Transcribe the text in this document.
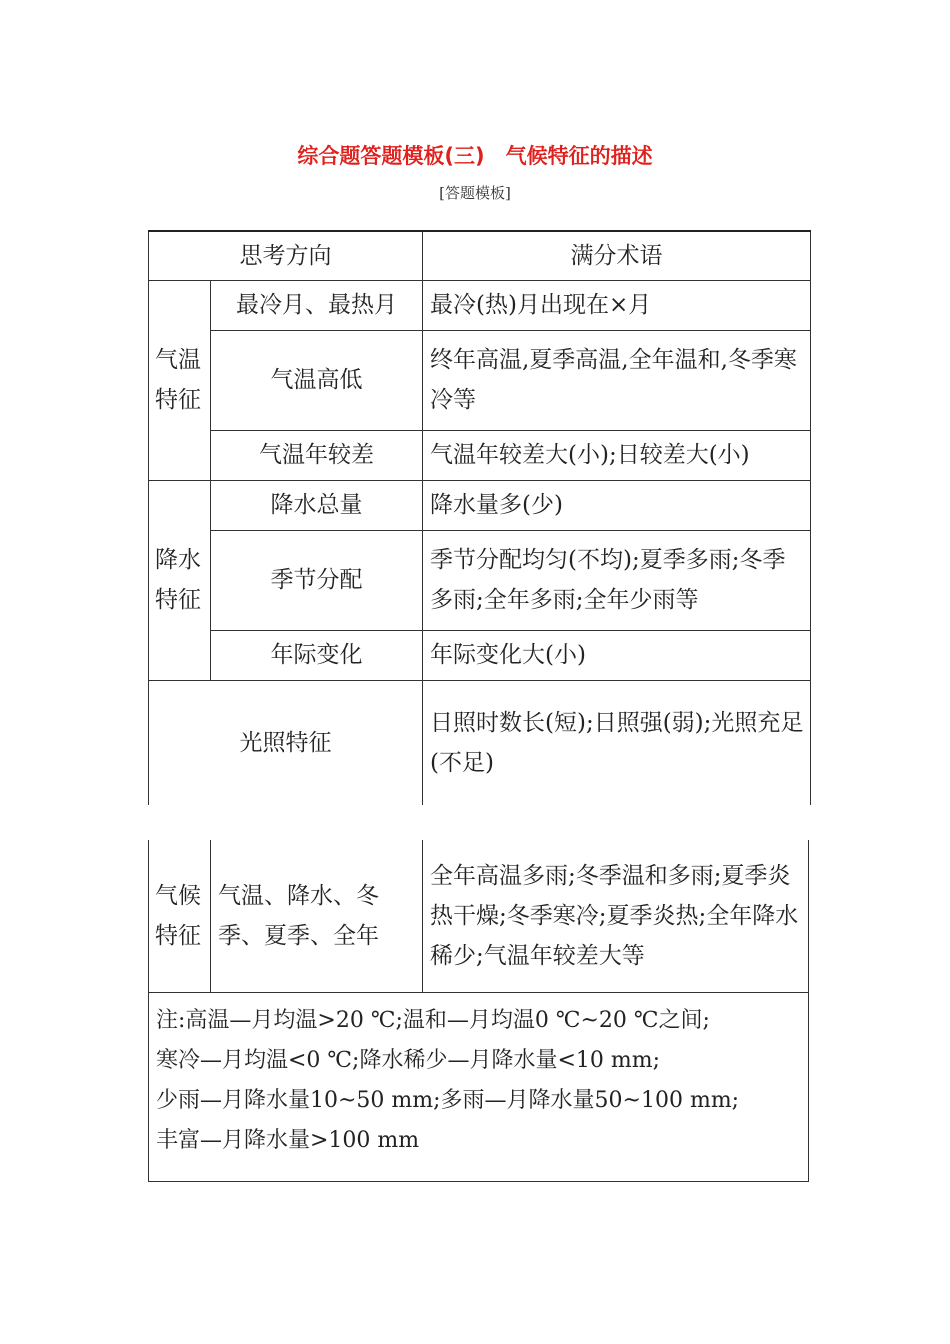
综合题答题模板(三)　气候特征的描述
[答题模板]
思考方向		满分术语
气温特征	最冷月、最热月	最冷(热)月出现在×月
	气温高低	终年高温,夏季高温,全年温和,冬季寒冷等
	气温年较差	气温年较差大(小);日较差大(小)
降水特征	降水总量	降水量多(少)
	季节分配	季节分配均匀(不均);夏季多雨;冬季多雨;全年多雨;全年少雨等
	年际变化	年际变化大(小)
光照特征		日照时数长(短);日照强(弱);光照充足(不足)
气候特征	气温、降水、冬季、夏季、全年	全年高温多雨;冬季温和多雨;夏季炎热干燥;冬季寒冷;夏季炎热;全年降水稀少;气温年较差大等

注:高温—月均温>20 ℃;温和—月均温0 ℃~20 ℃之间;
寒冷—月均温<0 ℃;降水稀少—月降水量<10 mm;
少雨—月降水量10~50 mm;多雨—月降水量50~100 mm;
丰富—月降水量>100 mm
